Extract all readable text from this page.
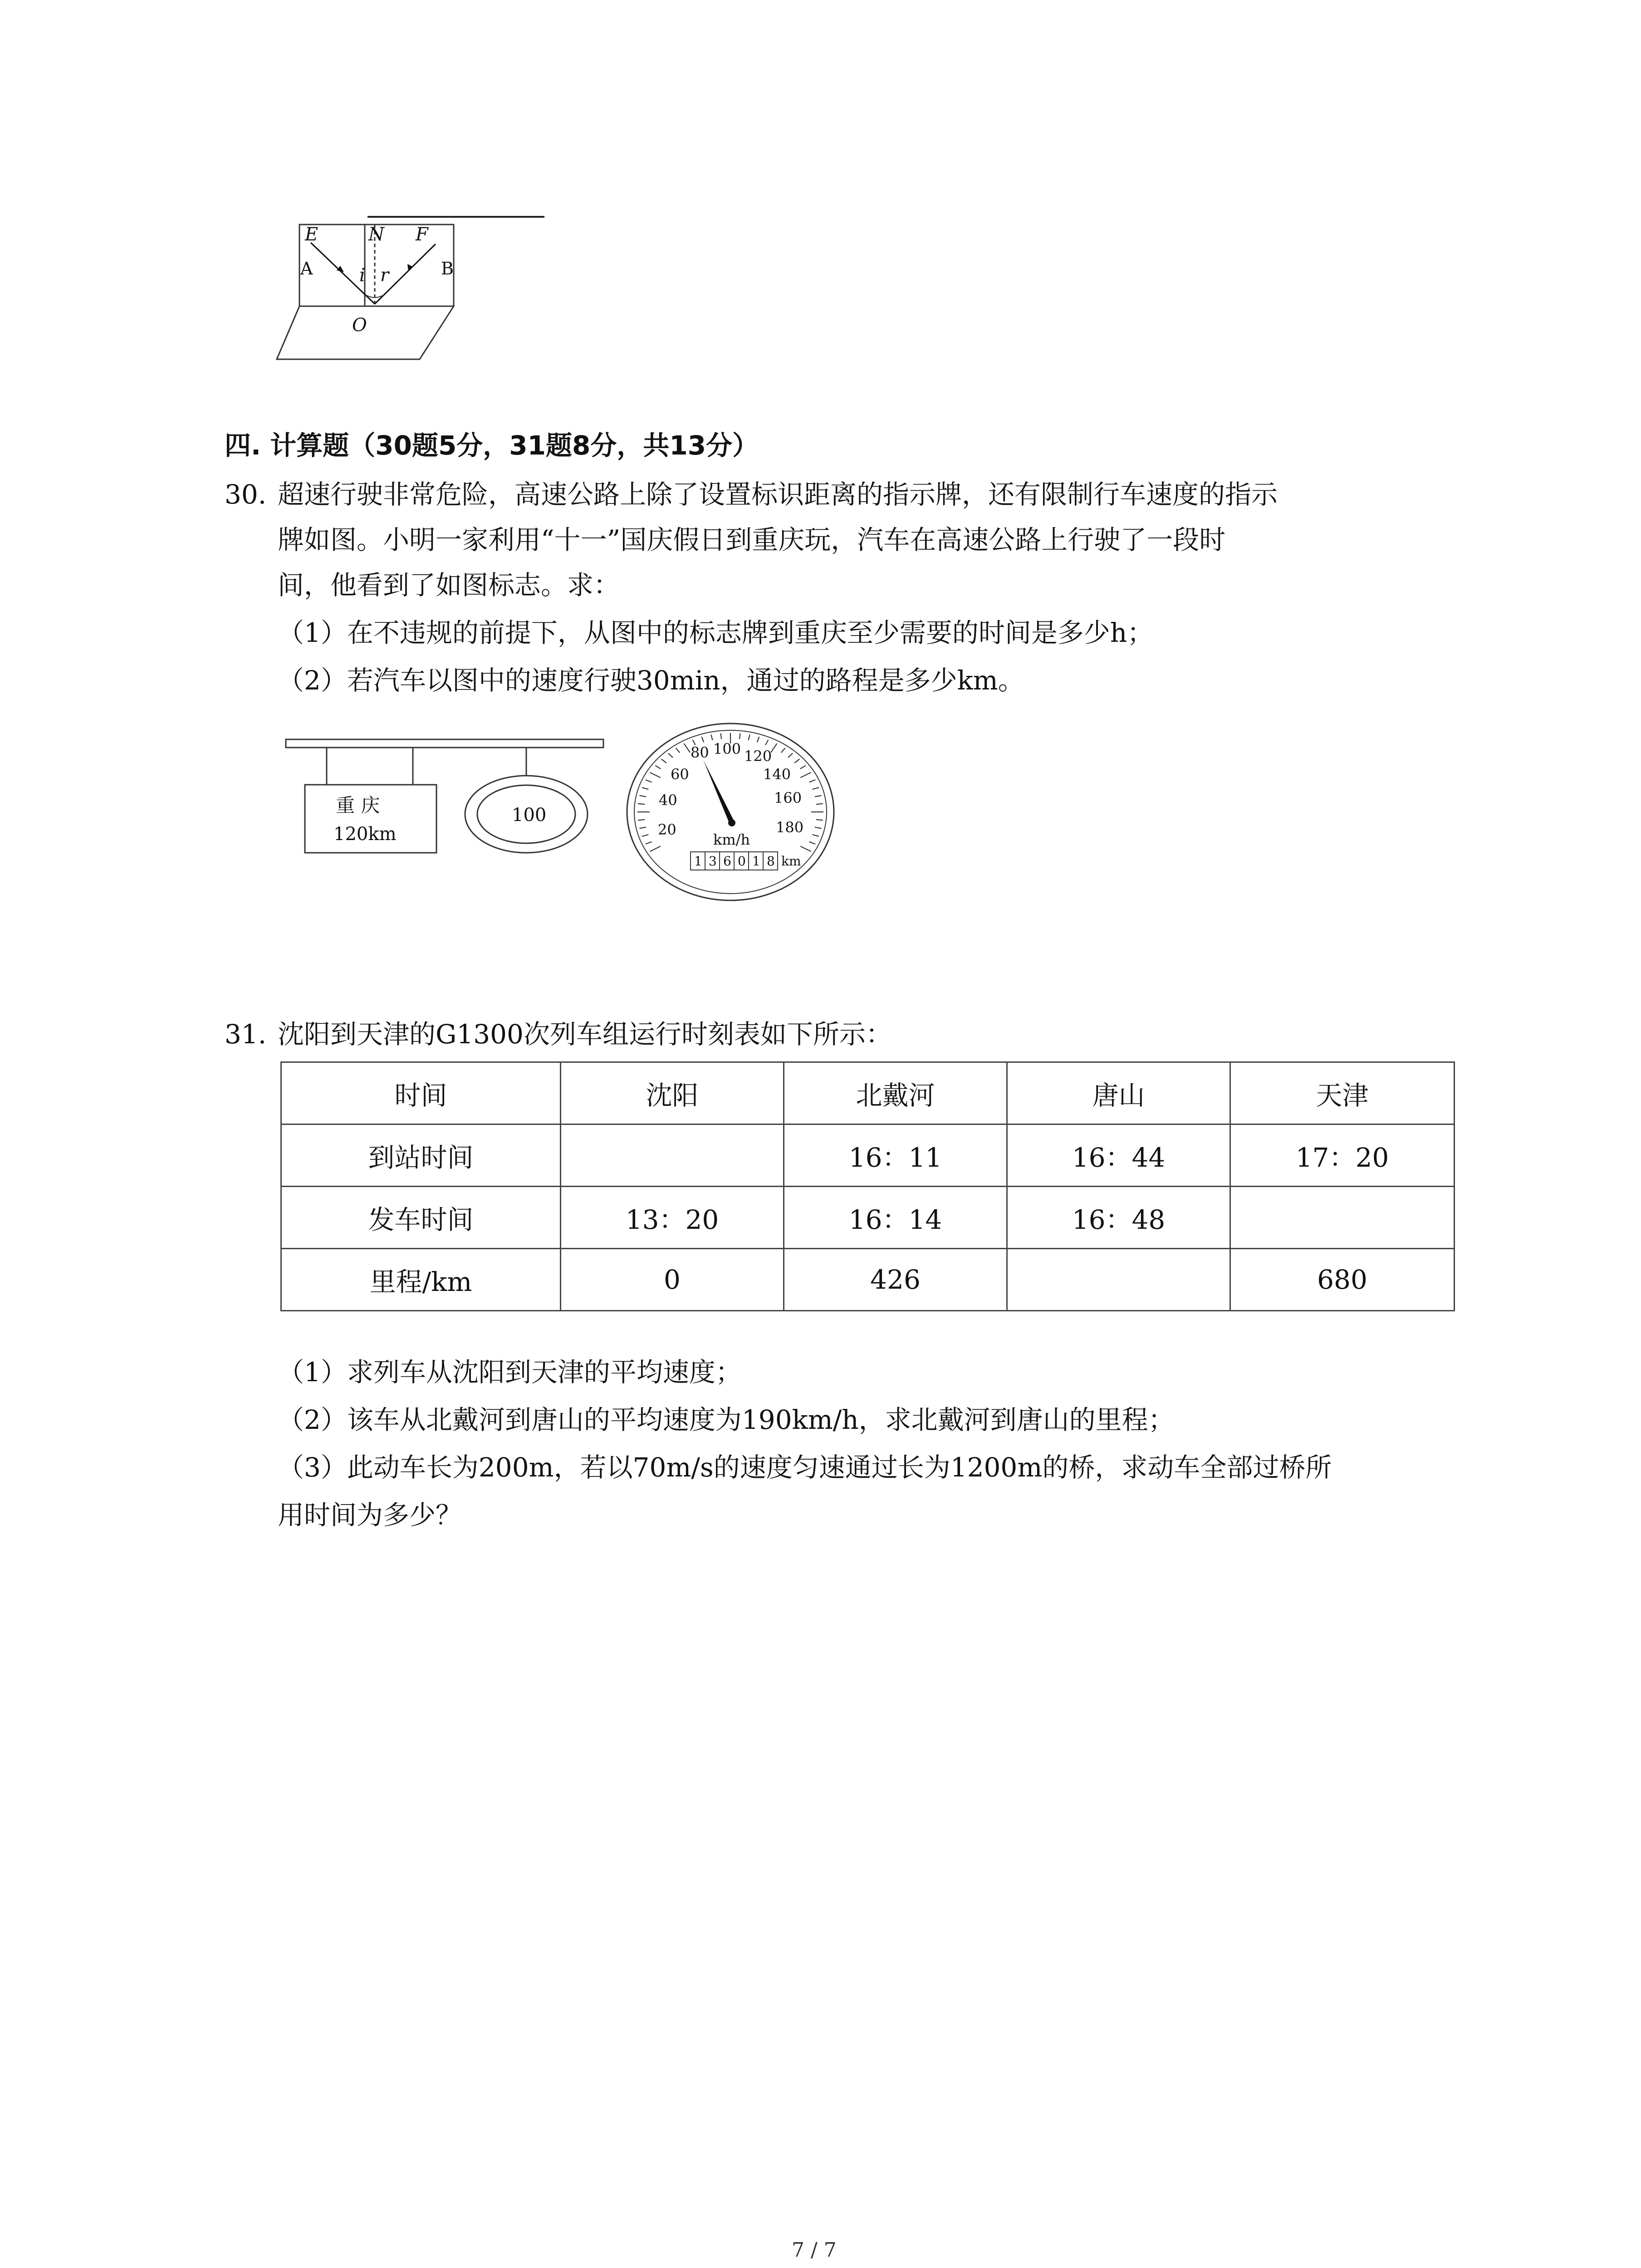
E	N F
i r
O
A	B
四. 计算题（30题5分，31题8分，共13分）
30. 超速行驶非常危险，高速公路上除了设置标识距离的指示牌，还有限制行车速度的指示
牌如图。小明一家利用“十一”国庆假日到重庆玩，汽车在高速公路上行驶了一段时
间，他看到了如图标志。求：
（1）在不违规的前提下，从图中的标志牌到重庆至少需要的时间是多少h；
（2）若汽车以图中的速度行驶30min，通过的路程是多少km。
重 庆
120km
100
20
40
60
80 100 120
140
160
180
km/h
1 3 6 0 1 8 km
31. 沈阳到天津的G1300次列车组运行时刻表如下所示：
时间	沈阳	北戴河	唐山	天津
到站时间		16：11	16：44	17：20
发车时间	13：20	16：14	16：48	
里程/km	0	426		680
（1）求列车从沈阳到天津的平均速度；
（2）该车从北戴河到唐山的平均速度为190km/h，求北戴河到唐山的里程；
（3）此动车长为200m，若以70m/s的速度匀速通过长为1200m的桥，求动车全部过桥所
用时间为多少？
7 / 7
